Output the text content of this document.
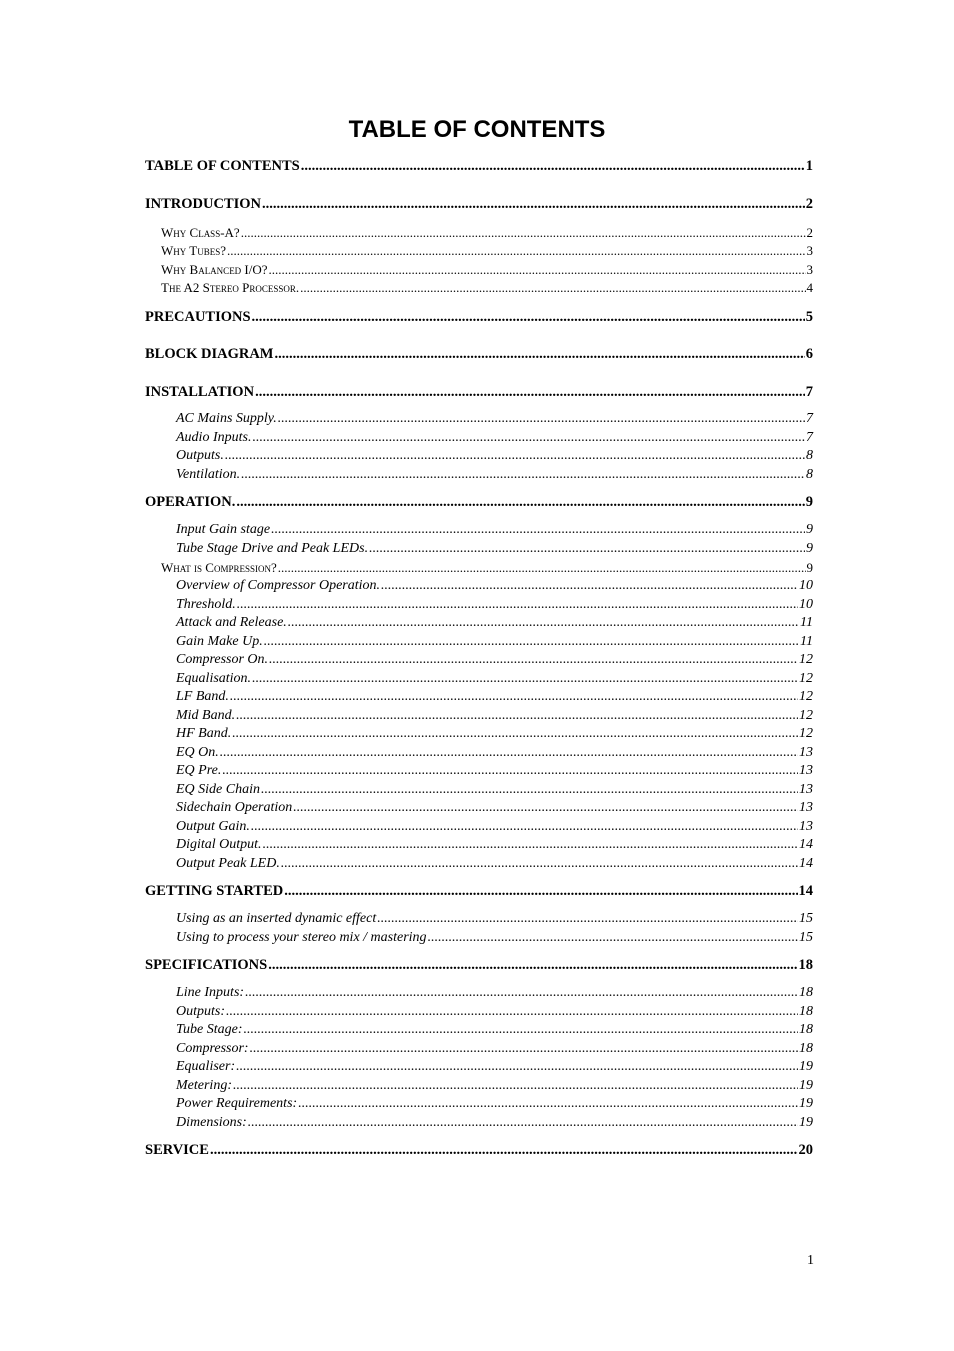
TABLE OF CONTENTS
TABLE OF CONTENTS .....	1
INTRODUCTION .....	2
Why Class-A? .....	2
Why Tubes? .....	3
Why Balanced I/O? .....	3
The A2 Stereo Processor. .....	4
PRECAUTIONS .....	5
BLOCK DIAGRAM .....	6
INSTALLATION .....	7
AC Mains Supply. .....	7
Audio Inputs. .....	7
Outputs. .....	8
Ventilation. .....	8
OPERATION. .....	9
Input Gain stage .....	9
Tube Stage Drive and Peak LEDs. .....	9
What is Compression? .....	9
Overview of Compressor Operation. .....	10
Threshold. .....	10
Attack and Release. .....	11
Gain Make Up. .....	11
Compressor On. .....	12
Equalisation. .....	12
LF Band. .....	12
Mid Band. .....	12
HF Band. .....	12
EQ On. .....	13
EQ Pre. .....	13
EQ Side Chain .....	13
Sidechain Operation .....	13
Output Gain. .....	13
Digital Output. .....	14
Output Peak LED. .....	14
GETTING STARTED .....	14
Using as an inserted dynamic effect .....	15
Using to process your stereo mix / mastering .....	15
SPECIFICATIONS .....	18
Line Inputs: .....	18
Outputs: .....	18
Tube Stage: .....	18
Compressor: .....	18
Equaliser: .....	19
Metering: .....	19
Power Requirements: .....	19
Dimensions: .....	19
SERVICE .....	20
1
